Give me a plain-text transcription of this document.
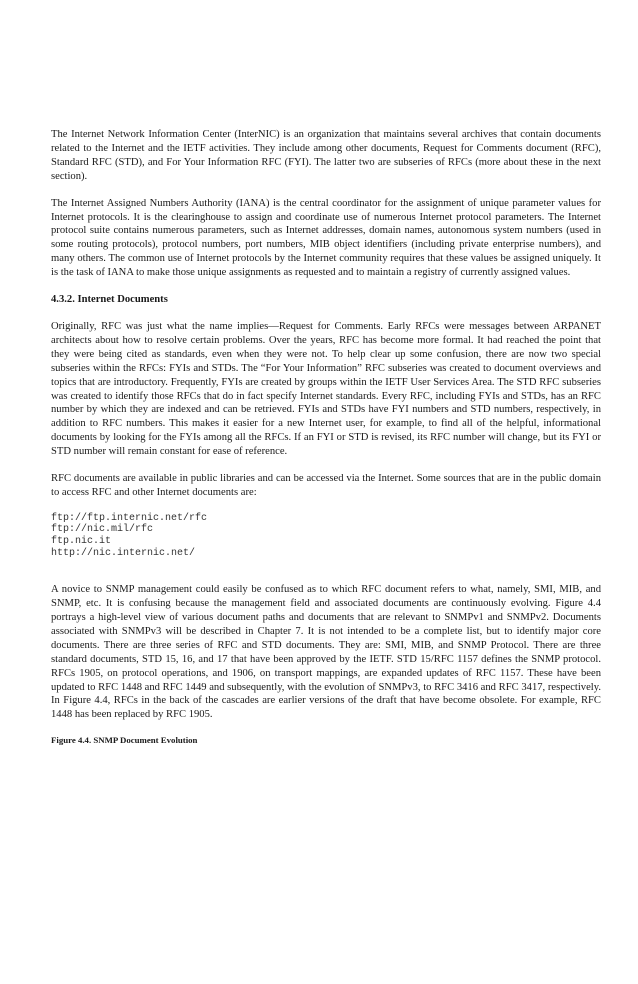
The Internet Network Information Center (InterNIC) is an organization that maintains several archives that contain documents related to the Internet and the IETF activities. They include among other documents, Request for Comments document (RFC), Standard RFC (STD), and For Your Information RFC (FYI). The latter two are subseries of RFCs (more about these in the next section).

The Internet Assigned Numbers Authority (IANA) is the central coordinator for the assignment of unique parameter values for Internet protocols. It is the clearinghouse to assign and coordinate use of numerous Internet protocol parameters. The Internet protocol suite contains numerous parameters, such as Internet addresses, domain names, autonomous system numbers (used in some routing protocols), protocol numbers, port numbers, MIB object identifiers (including private enterprise numbers), and many others. The common use of Internet protocols by the Internet community requires that these values be assigned uniquely. It is the task of IANA to make those unique assignments as requested and to maintain a registry of currently assigned values.

4.3.2. Internet Documents

Originally, RFC was just what the name implies—Request for Comments. Early RFCs were messages between ARPANET architects about how to resolve certain problems. Over the years, RFC has become more formal. It had reached the point that they were being cited as standards, even when they were not. To help clear up some confusion, there are now two special subseries within the RFCs: FYIs and STDs. The “For Your Information” RFC subseries was created to document overviews and topics that are introductory. Frequently, FYIs are created by groups within the IETF User Services Area. The STD RFC subseries was created to identify those RFCs that do in fact specify Internet standards. Every RFC, including FYIs and STDs, has an RFC number by which they are indexed and can be retrieved. FYIs and STDs have FYI numbers and STD numbers, respectively, in addition to RFC numbers. This makes it easier for a new Internet user, for example, to find all of the helpful, informational documents by looking for the FYIs among all the RFCs. If an FYI or STD is revised, its RFC number will change, but its FYI or STD number will remain constant for ease of reference.

RFC documents are available in public libraries and can be accessed via the Internet. Some sources that are in the public domain to access RFC and other Internet documents are:

ftp://ftp.internic.net/rfc
ftp://nic.mil/rfc
ftp.nic.it
http://nic.internic.net/

A novice to SNMP management could easily be confused as to which RFC document refers to what, namely, SMI, MIB, and SNMP, etc. It is confusing because the management field and associated documents are continuously evolving. Figure 4.4 portrays a high-level view of various document paths and documents that are relevant to SNMPv1 and SNMPv2. Documents associated with SNMPv3 will be described in Chapter 7. It is not intended to be a complete list, but to identify major core documents. There are three series of RFC and STD documents. They are: SMI, MIB, and SNMP Protocol. There are three standard documents, STD 15, 16, and 17 that have been approved by the IETF. STD 15/RFC 1157 defines the SNMP protocol. RFCs 1905, on protocol operations, and 1906, on transport mappings, are expanded updates of RFC 1157. These have been updated to RFC 1448 and RFC 1449 and subsequently, with the evolution of SNMPv3, to RFC 3416 and RFC 3417, respectively. In Figure 4.4, RFCs in the back of the cascades are earlier versions of the draft that have become obsolete. For example, RFC 1448 has been replaced by RFC 1905.

Figure 4.4. SNMP Document Evolution
